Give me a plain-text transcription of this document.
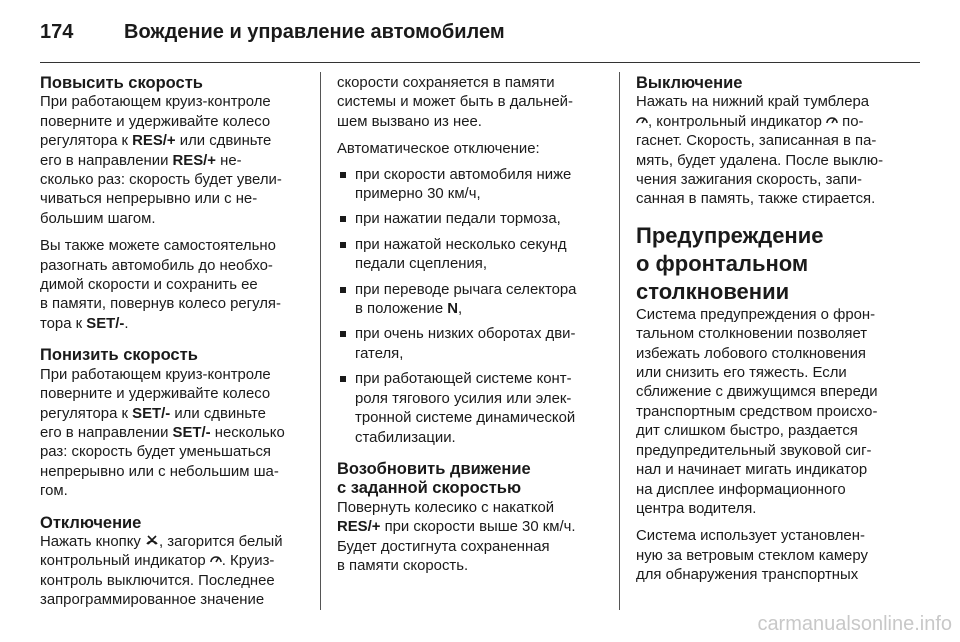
174	Вождение и управление автомобилем
Повысить скорость
При работающем круиз-контроле
поверните и удерживайте колесо
регулятора к RES/+ или сдвиньте
его в направлении RES/+ не-
сколько раз: скорость будет увели-
чиваться непрерывно или с не-
большим шагом.
Вы также можете самостоятельно
разогнать автомобиль до необхо-
димой скорости и сохранить ее
в памяти, повернув колесо регуля-
тора к SET/-.
Понизить скорость
При работающем круиз-контроле
поверните и удерживайте колесо
регулятора к SET/- или сдвиньте
его в направлении SET/- несколько
раз: скорость будет уменьшаться
непрерывно или с небольшим ша-
гом.
Отключение
Нажать кнопку , загорится белый
контрольный индикатор . Круиз-
контроль выключится. Последнее
запрограммированное значение
скорости сохраняется в памяти
системы и может быть в дальней-
шем вызвано из нее.
Автоматическое отключение:
при скорости автомобиля ниже
примерно 30 км/ч,
при нажатии педали тормоза,
при нажатой несколько секунд
педали сцепления,
при переводе рычага селектора
в положение N,
при очень низких оборотах дви-
гателя,
при работающей системе конт-
роля тягового усилия или элек-
тронной системе динамической
стабилизации.
Возобновить движение
с заданной скоростью
Повернуть колесико с накаткой
RES/+ при скорости выше 30 км/ч.
Будет достигнута сохраненная
в памяти скорость.
Выключение
Нажать на нижний край тумблера
, контрольный индикатор  по-
гаснет. Скорость, записанная в па-
мять, будет удалена. После выклю-
чения зажигания скорость, запи-
санная в память, также стирается.
Предупреждение
о фронтальном
столкновении
Система предупреждения о фрон-
тальном столкновении позволяет
избежать лобового столкновения
или снизить его тяжесть. Если
сближение с движущимся впереди
транспортным средством происхо-
дит слишком быстро, раздается
предупредительный звуковой сиг-
нал и начинает мигать индикатор
на дисплее информационного
центра водителя.
Система использует установлен-
ную за ветровым стеклом камеру
для обнаружения транспортных
carmanualsonline.info
